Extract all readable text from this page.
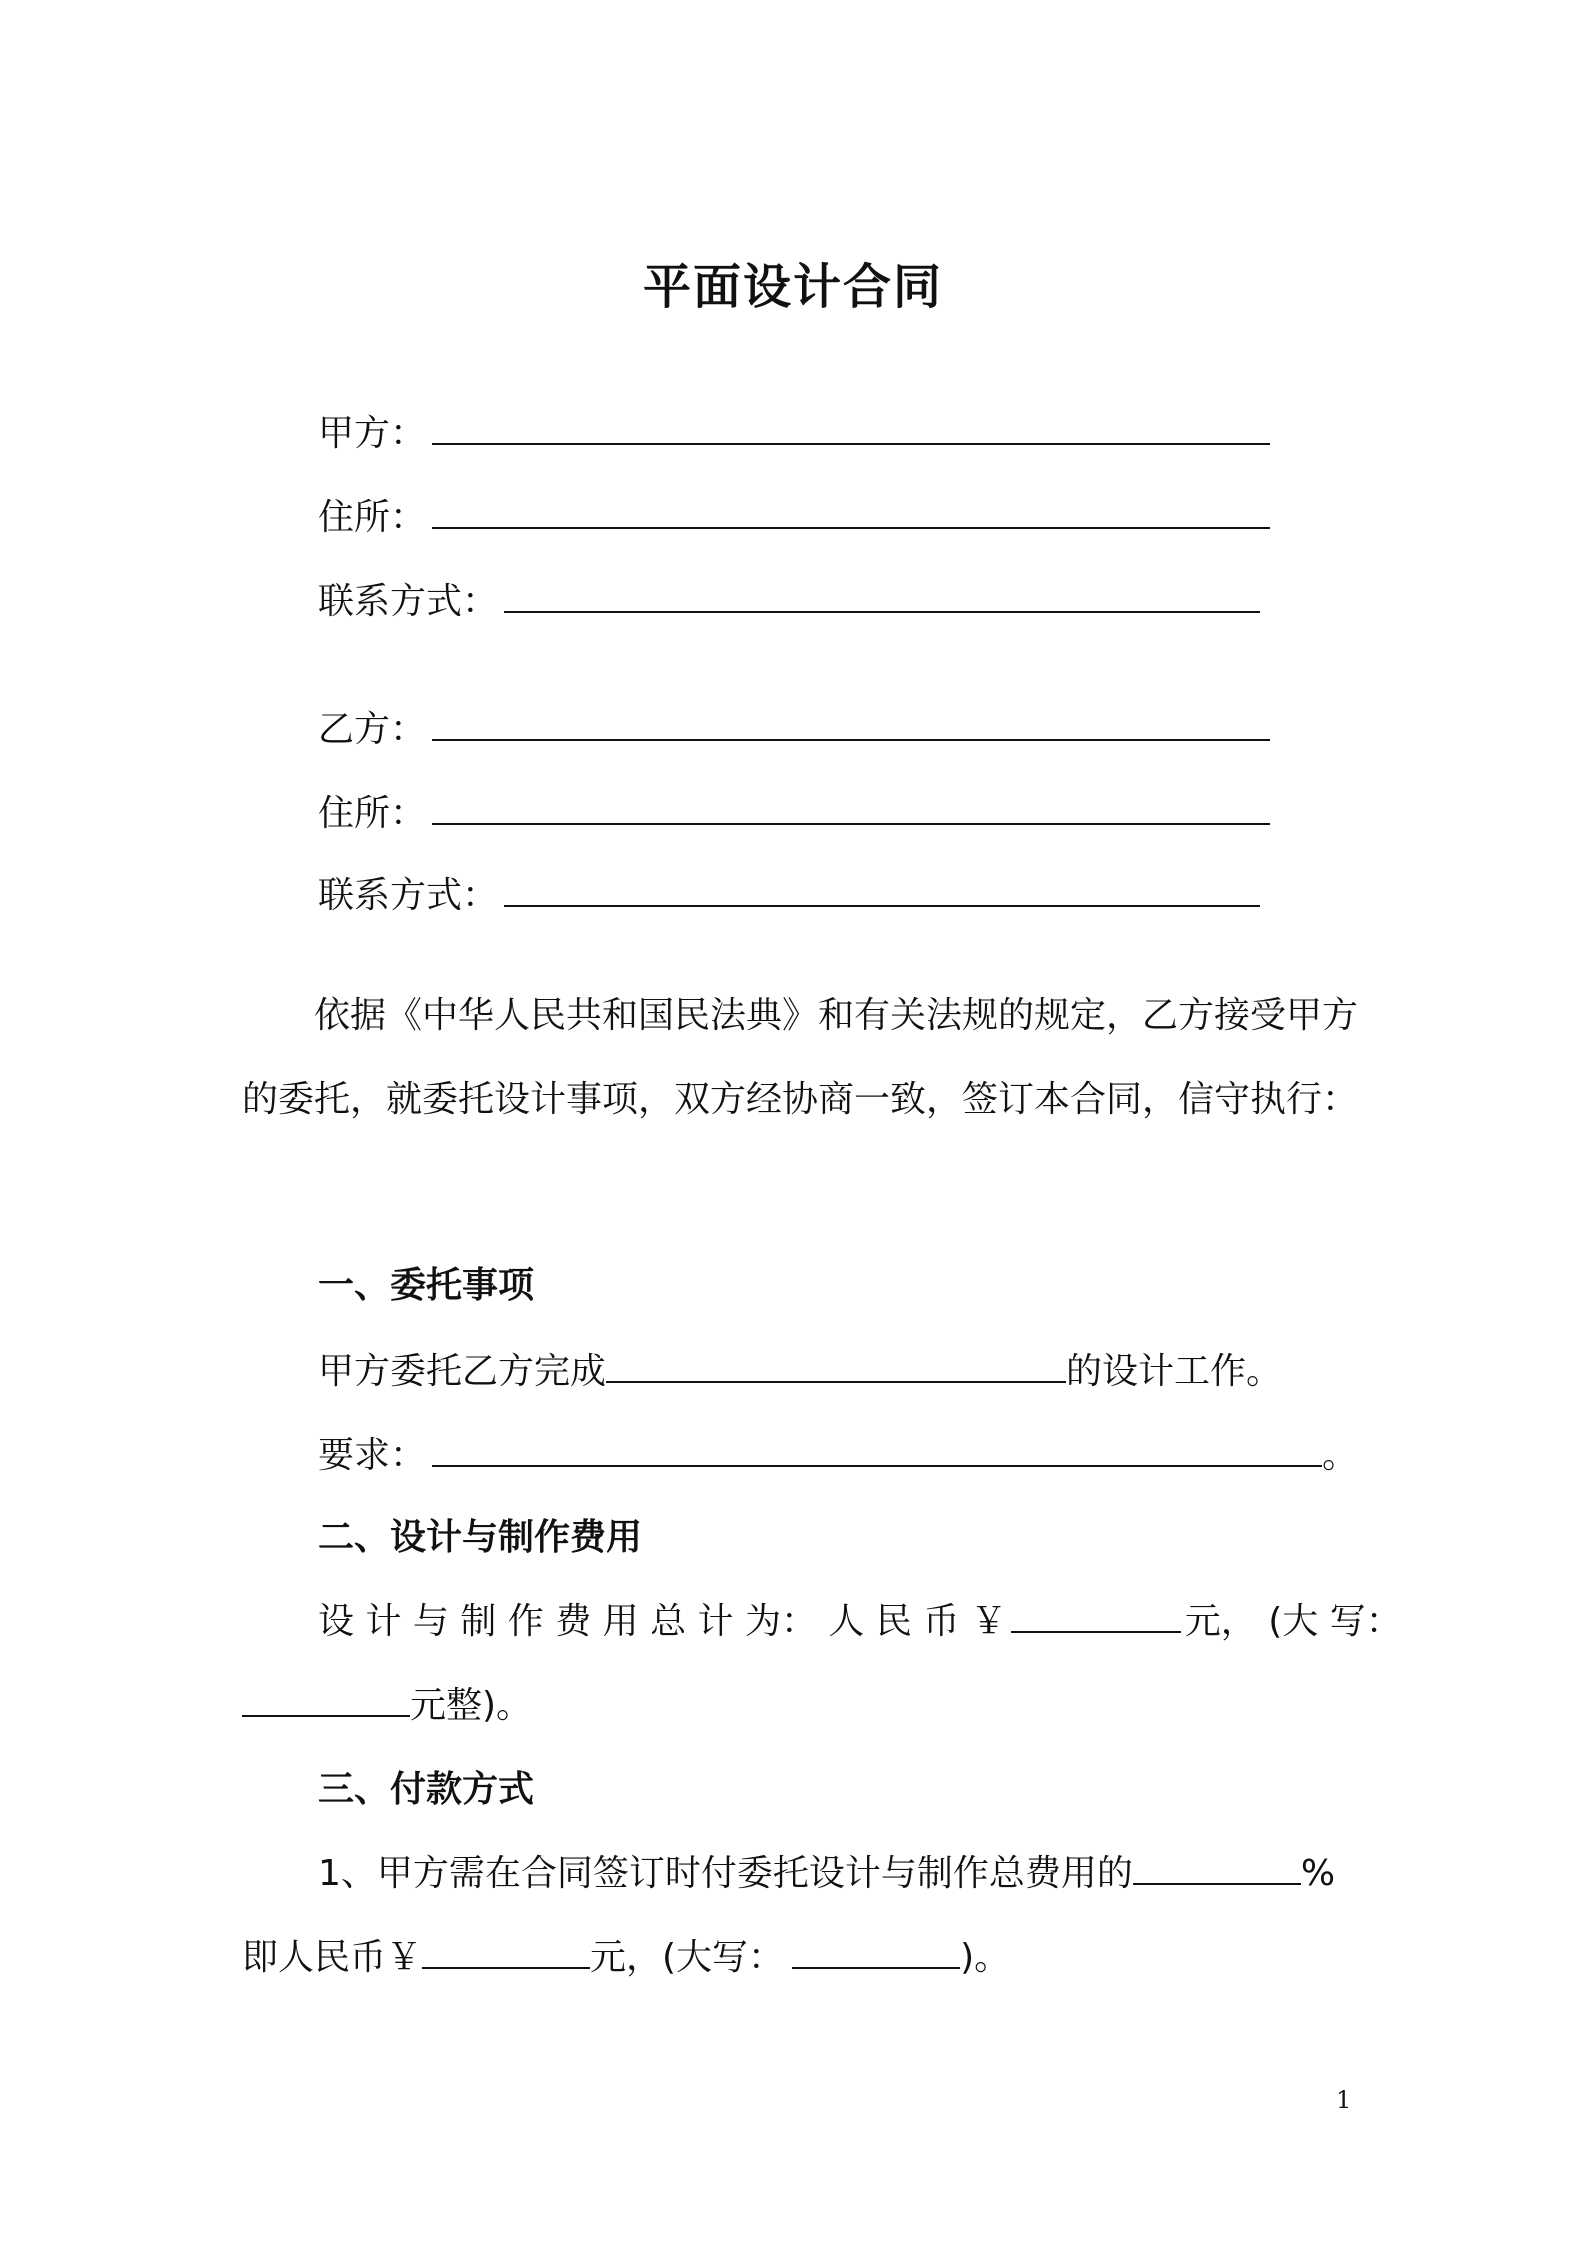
平面设计合同
甲方：
住所：
联系方式：
乙方：
住所：
联系方式：
依据《中华人民共和国民法典》和有关法规的规定，乙方接受甲方的委托，就委托设计事项，双方经协商一致，签订本合同，信守执行：
一、委托事项
甲方委托乙方完成	的设计工作。
要求：	。
二、设计与制作费用
设 计 与 制 作 费 用 总 计 为： 人 民 币 ￥	元， (大 写：
元整)。
三、付款方式
1、甲方需在合同签订时付委托设计与制作总费用的	%
即人民币￥	元，(大写：	)。
1
